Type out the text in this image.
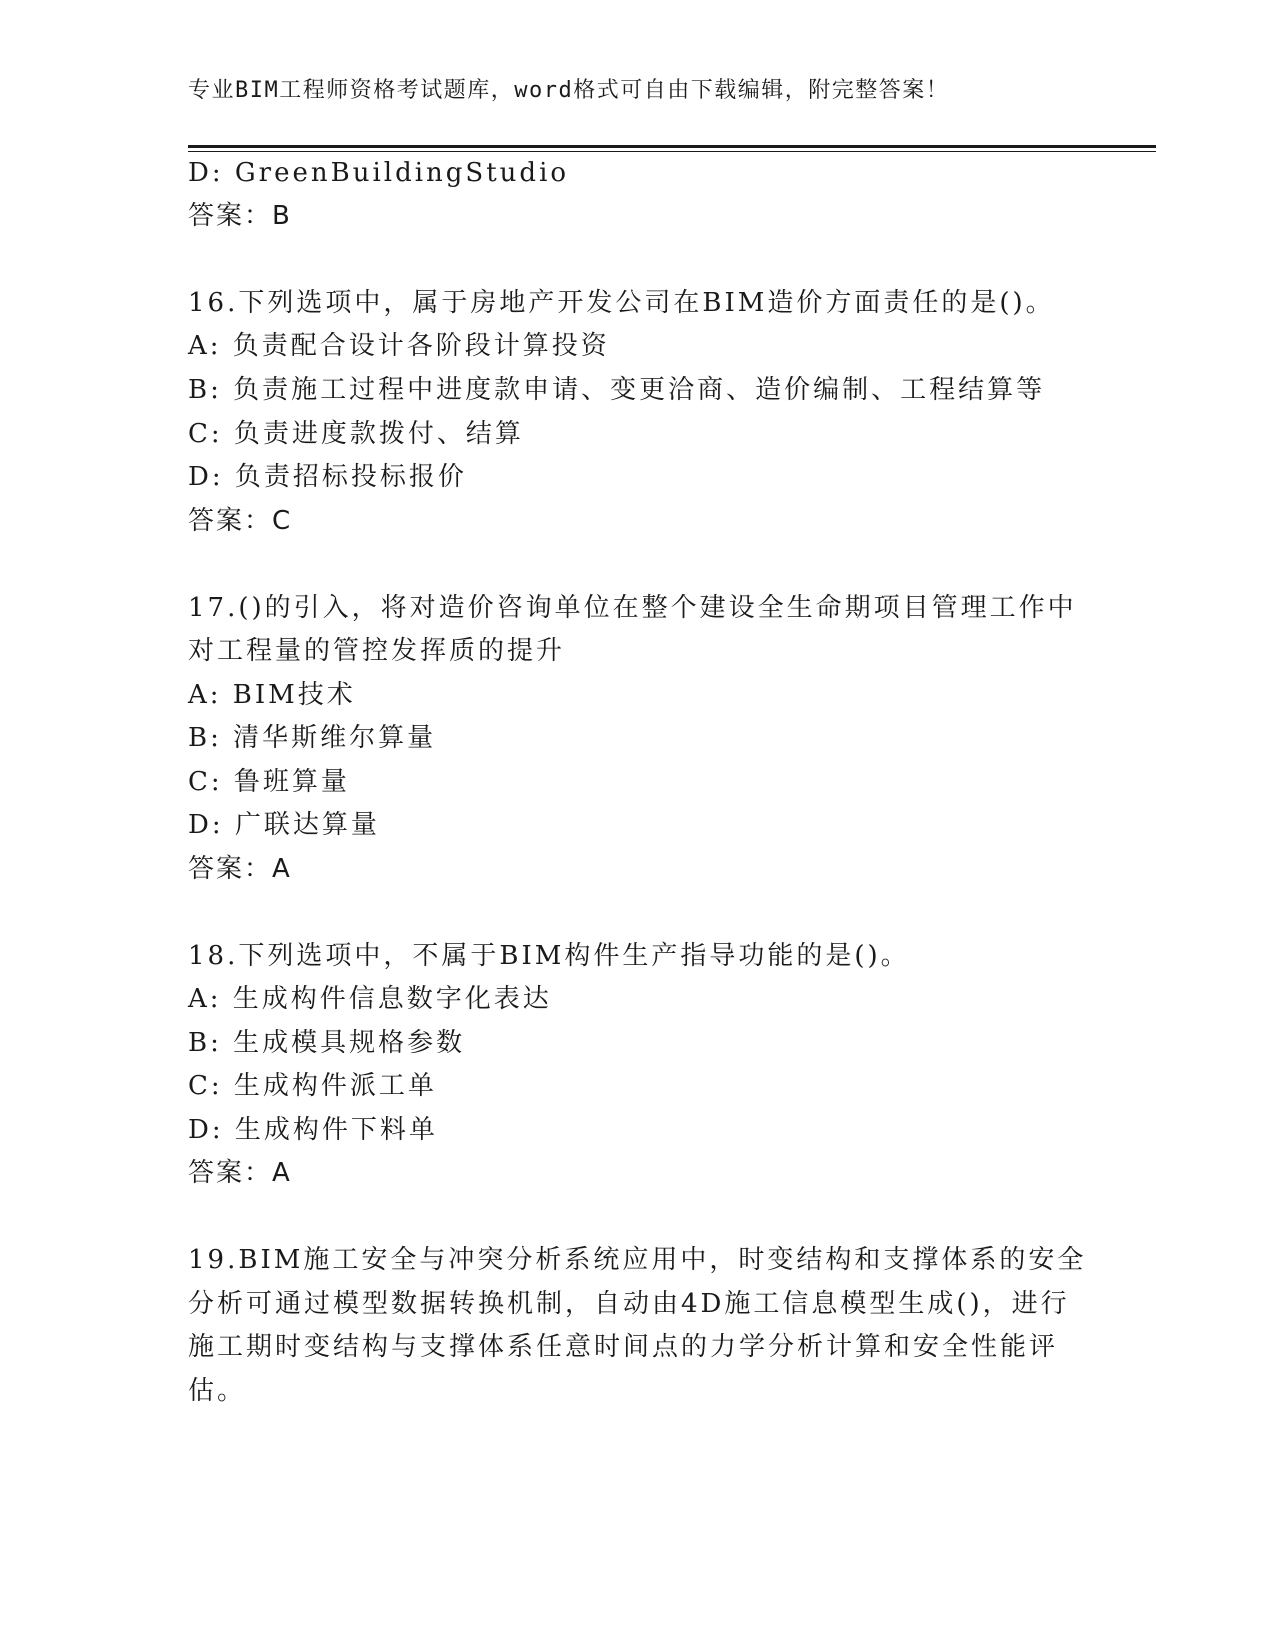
专业BIM工程师资格考试题库，word格式可自由下载编辑，附完整答案！
D: GreenBuildingStudio
答案：B
16.下列选项中，属于房地产开发公司在BIM造价方面责任的是()。
A: 负责配合设计各阶段计算投资
B: 负责施工过程中进度款申请、变更洽商、造价编制、工程结算等
C: 负责进度款拨付、结算
D: 负责招标投标报价
答案：C
17.()的引入，将对造价咨询单位在整个建设全生命期项目管理工作中
对工程量的管控发挥质的提升
A: BIM技术
B: 清华斯维尔算量
C: 鲁班算量
D: 广联达算量
答案：A
18.下列选项中，不属于BIM构件生产指导功能的是()。
A: 生成构件信息数字化表达
B: 生成模具规格参数
C: 生成构件派工单
D: 生成构件下料单
答案：A
19.BIM施工安全与冲突分析系统应用中，时变结构和支撑体系的安全
分析可通过模型数据转换机制，自动由4D施工信息模型生成()，进行
施工期时变结构与支撑体系任意时间点的力学分析计算和安全性能评
估。
